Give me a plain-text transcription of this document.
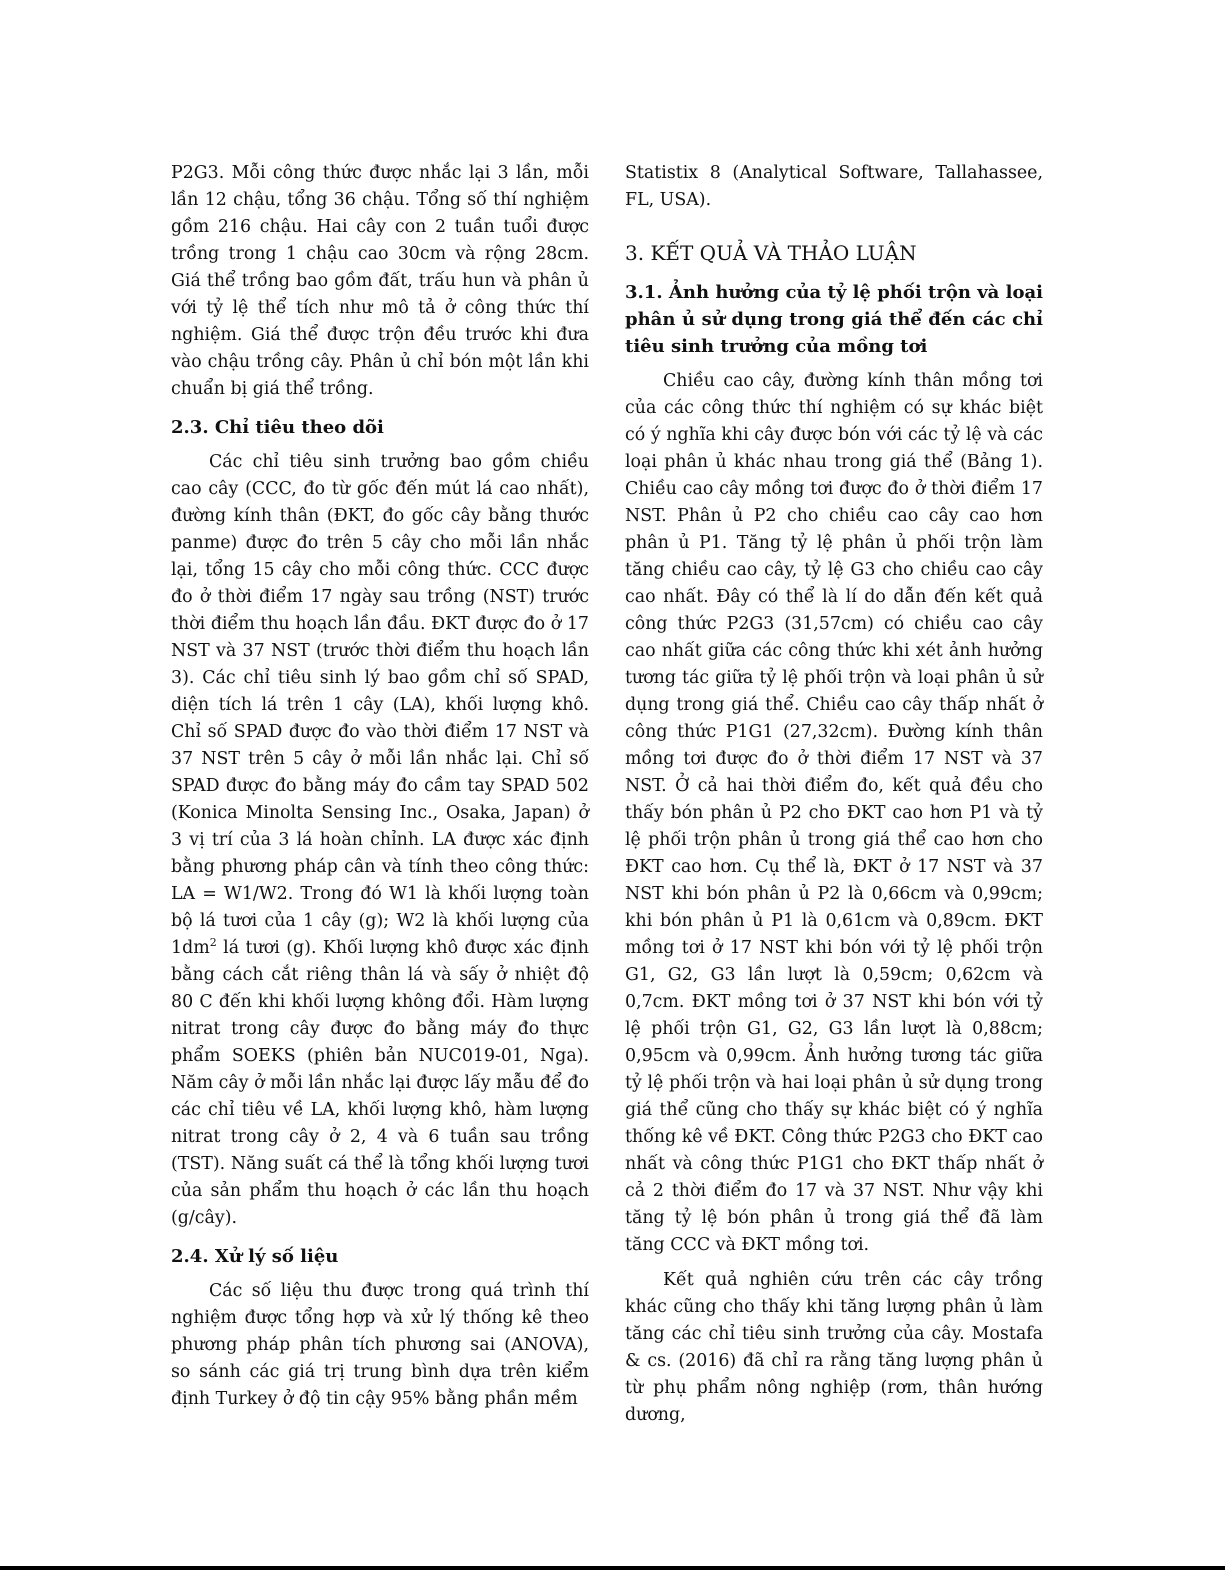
P2G3. Mỗi công thức được nhắc lại 3 lần, mỗi lần 12 chậu, tổng 36 chậu. Tổng số thí nghiệm gồm 216 chậu. Hai cây con 2 tuần tuổi được trồng trong 1 chậu cao 30cm và rộng 28cm. Giá thể trồng bao gồm đất, trấu hun và phân ủ với tỷ lệ thể tích như mô tả ở công thức thí nghiệm. Giá thể được trộn đều trước khi đưa vào chậu trồng cây. Phân ủ chỉ bón một lần khi chuẩn bị giá thể trồng.

2.3. Chỉ tiêu theo dõi

Các chỉ tiêu sinh trưởng bao gồm chiều cao cây (CCC, đo từ gốc đến mút lá cao nhất), đường kính thân (ĐKT, đo gốc cây bằng thước panme) được đo trên 5 cây cho mỗi lần nhắc lại, tổng 15 cây cho mỗi công thức. CCC được đo ở thời điểm 17 ngày sau trồng (NST) trước thời điểm thu hoạch lần đầu. ĐKT được đo ở 17 NST và 37 NST (trước thời điểm thu hoạch lần 3). Các chỉ tiêu sinh lý bao gồm chỉ số SPAD, diện tích lá trên 1 cây (LA), khối lượng khô. Chỉ số SPAD được đo vào thời điểm 17 NST và 37 NST trên 5 cây ở mỗi lần nhắc lại. Chỉ số SPAD được đo bằng máy đo cầm tay SPAD 502 (Konica Minolta Sensing Inc., Osaka, Japan) ở 3 vị trí của 3 lá hoàn chỉnh. LA được xác định bằng phương pháp cân và tính theo công thức: LA = W1/W2. Trong đó W1 là khối lượng toàn bộ lá tươi của 1 cây (g); W2 là khối lượng của $1dm^2$ lá tươi (g). Khối lượng khô được xác định bằng cách cắt riêng thân lá và sấy ở nhiệt độ 80 C đến khi khối lượng không đổi. Hàm lượng nitrat trong cây được đo bằng máy đo thực phẩm SOEKS (phiên bản NUC019-01, Nga). Năm cây ở mỗi lần nhắc lại được lấy mẫu để đo các chỉ tiêu về LA, khối lượng khô, hàm lượng nitrat trong cây ở 2, 4 và 6 tuần sau trồng (TST). Năng suất cá thể là tổng khối lượng tươi của sản phẩm thu hoạch ở các lần thu hoạch (g/cây).

2.4. Xử lý số liệu

Các số liệu thu được trong quá trình thí nghiệm được tổng hợp và xử lý thống kê theo phương pháp phân tích phương sai (ANOVA), so sánh các giá trị trung bình dựa trên kiểm định Turkey ở độ tin cậy 95% bằng phần mềm

Statistix 8 (Analytical Software, Tallahassee, FL, USA).

3. KẾT QUẢ VÀ THẢO LUẬN

3.1. Ảnh hưởng của tỷ lệ phối trộn và loại phân ủ sử dụng trong giá thể đến các chỉ tiêu sinh trưởng của mồng tơi

Chiều cao cây, đường kính thân mồng tơi của các công thức thí nghiệm có sự khác biệt có ý nghĩa khi cây được bón với các tỷ lệ và các loại phân ủ khác nhau trong giá thể (Bảng 1). Chiều cao cây mồng tơi được đo ở thời điểm 17 NST. Phân ủ P2 cho chiều cao cây cao hơn phân ủ P1. Tăng tỷ lệ phân ủ phối trộn làm tăng chiều cao cây, tỷ lệ G3 cho chiều cao cây cao nhất. Đây có thể là lí do dẫn đến kết quả công thức P2G3 (31,57cm) có chiều cao cây cao nhất giữa các công thức khi xét ảnh hưởng tương tác giữa tỷ lệ phối trộn và loại phân ủ sử dụng trong giá thể. Chiều cao cây thấp nhất ở công thức P1G1 (27,32cm). Đường kính thân mồng tơi được đo ở thời điểm 17 NST và 37 NST. Ở cả hai thời điểm đo, kết quả đều cho thấy bón phân ủ P2 cho ĐKT cao hơn P1 và tỷ lệ phối trộn phân ủ trong giá thể cao hơn cho ĐKT cao hơn. Cụ thể là, ĐKT ở 17 NST và 37 NST khi bón phân ủ P2 là 0,66cm và 0,99cm; khi bón phân ủ P1 là 0,61cm và 0,89cm. ĐKT mồng tơi ở 17 NST khi bón với tỷ lệ phối trộn G1, G2, G3 lần lượt là 0,59cm; 0,62cm và 0,7cm. ĐKT mồng tơi ở 37 NST khi bón với tỷ lệ phối trộn G1, G2, G3 lần lượt là 0,88cm; 0,95cm và 0,99cm. Ảnh hưởng tương tác giữa tỷ lệ phối trộn và hai loại phân ủ sử dụng trong giá thể cũng cho thấy sự khác biệt có ý nghĩa thống kê về ĐKT. Công thức P2G3 cho ĐKT cao nhất và công thức P1G1 cho ĐKT thấp nhất ở cả 2 thời điểm đo 17 và 37 NST. Như vậy khi tăng tỷ lệ bón phân ủ trong giá thể đã làm tăng CCC và ĐKT mồng tơi.

Kết quả nghiên cứu trên các cây trồng khác cũng cho thấy khi tăng lượng phân ủ làm tăng các chỉ tiêu sinh trưởng của cây. Mostafa & cs. (2016) đã chỉ ra rằng tăng lượng phân ủ từ phụ phẩm nông nghiệp (rơm, thân hướng dương,
